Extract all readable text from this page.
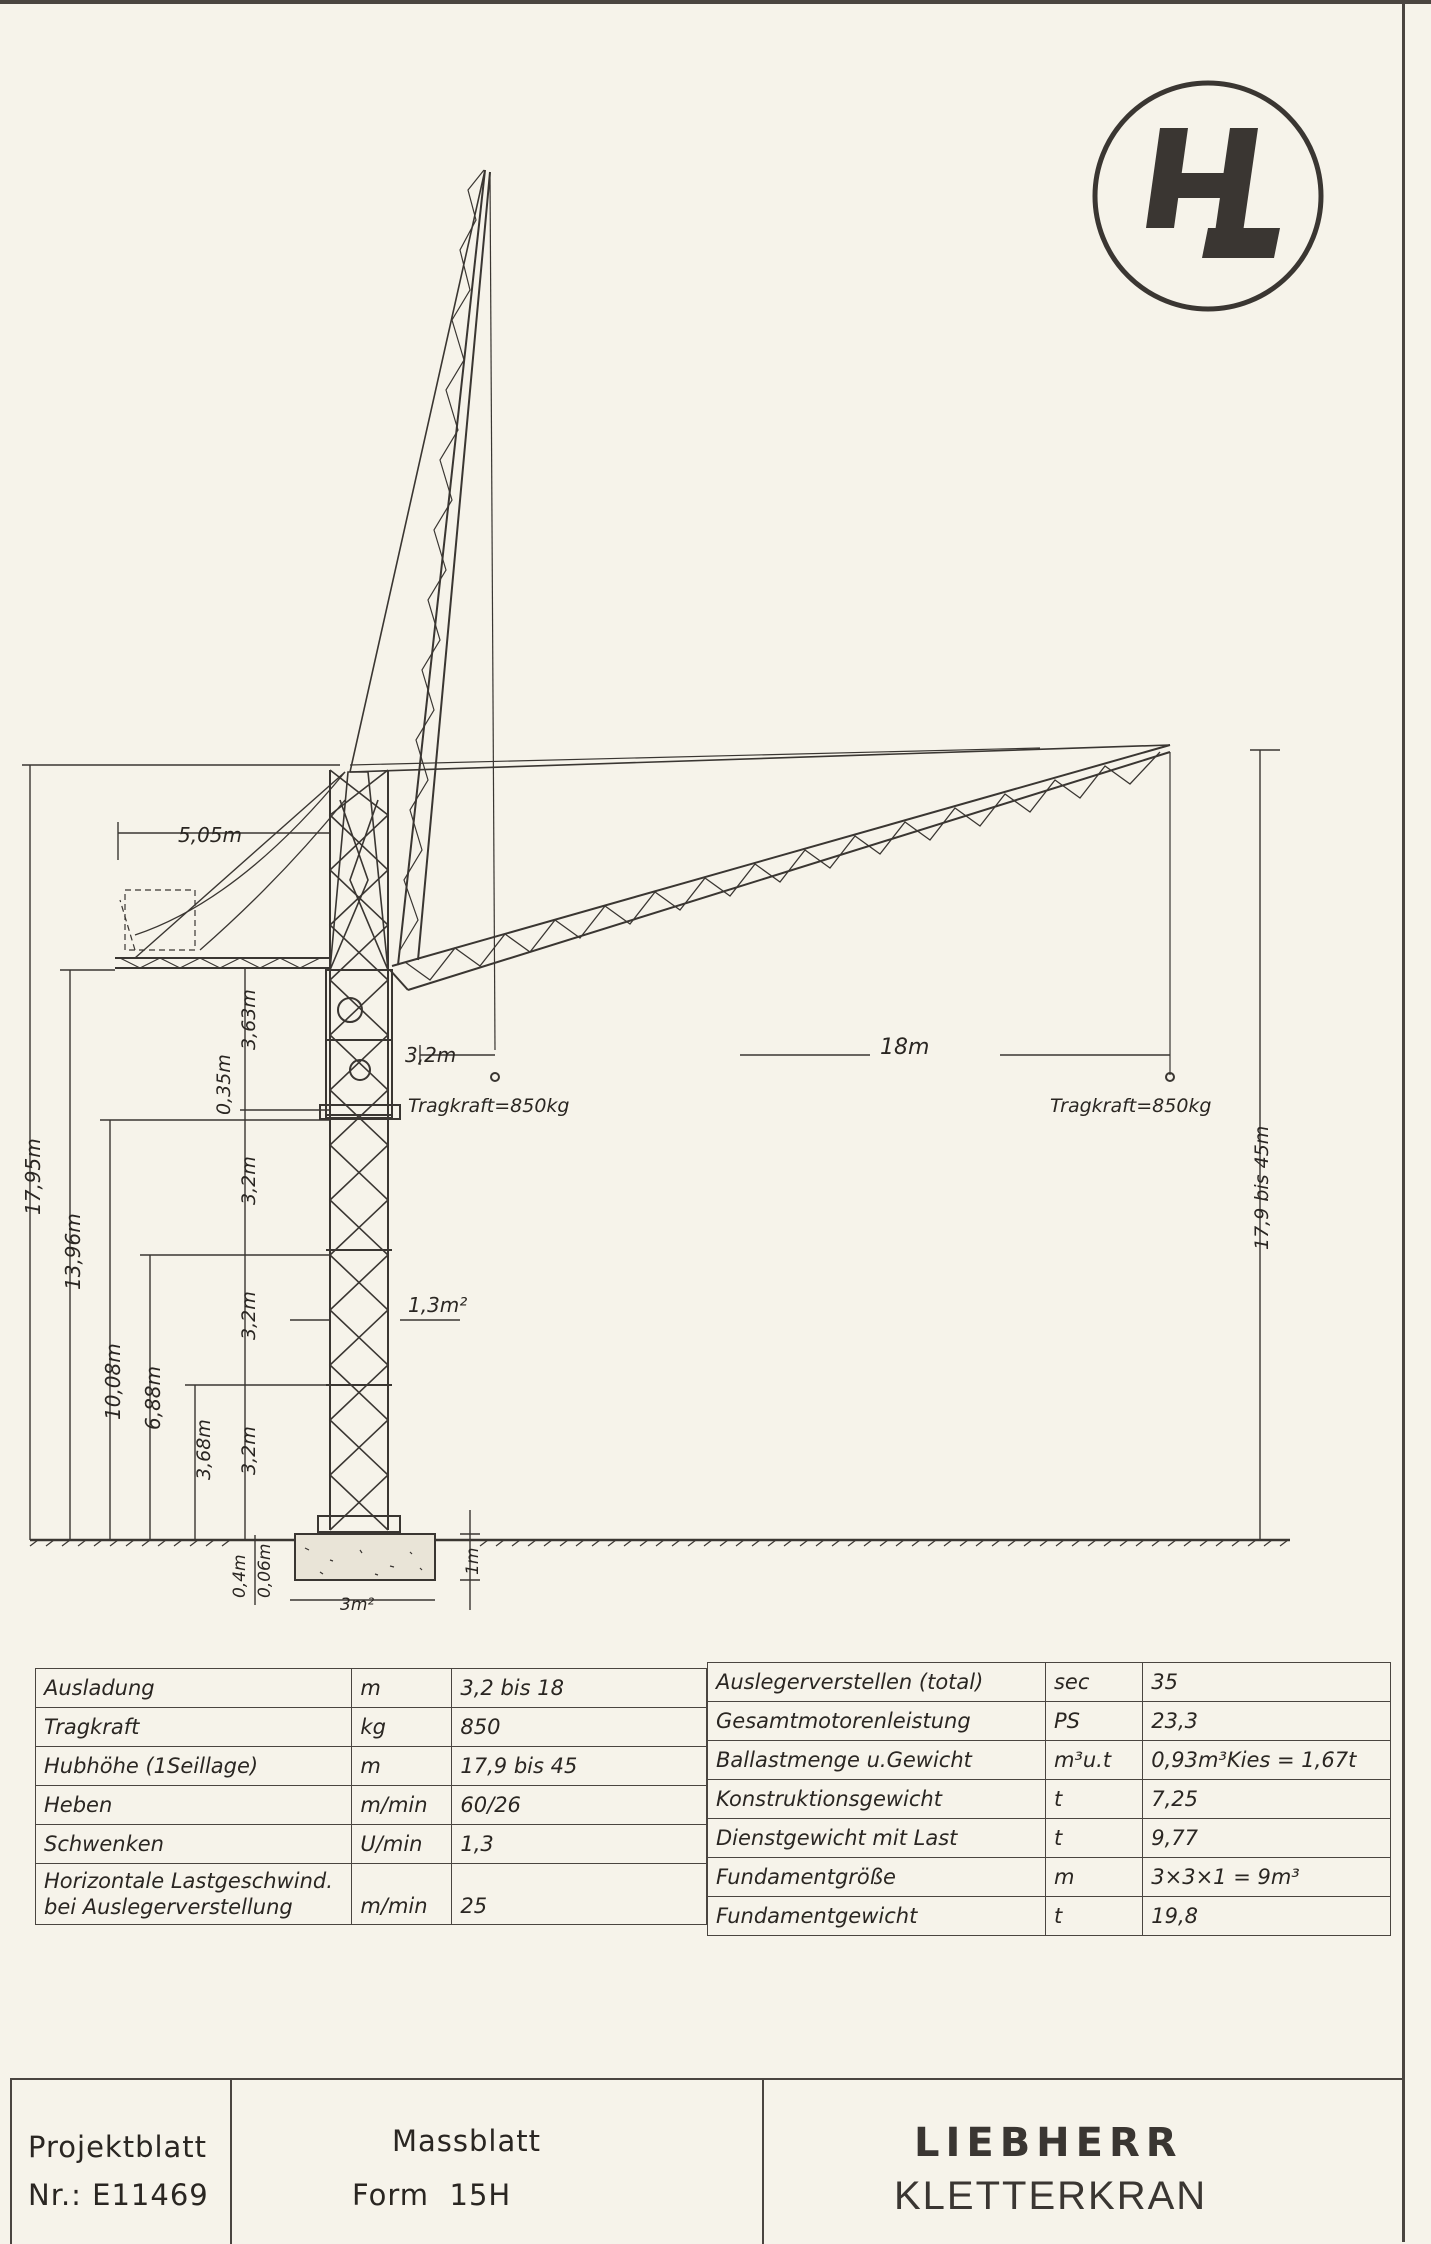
5,05m
3,2m	18m
Tragkraft=850kg	Tragkraft=850kg
17,9 bis 45m
17,95m
13,96m
10,08m 6,88m
3,68m
3,63m
0,35m
3,2m
3,2m
3,2m
1,3m²
0,4m 0,06m	1m
3m²
Ausladung	m	3,2 bis 18
Tragkraft	kg	850
Hubhöhe (1Seillage)	m	17,9 bis 45
Heben	m/min	60/26
Schwenken	U/min	1,3

Horizontale Lastgeschwind.
bei Auslegerverstellung	m/min	25
Auslegerverstellen (total)	sec	35
Gesamtmotorenleistung	PS	23,3
Ballastmenge u.Gewicht	m³u.t	0,93m³Kies = 1,67t
Konstruktionsgewicht	t	7,25
Dienstgewicht mit Last	t	9,77
Fundamentgröße	m	3×3×1 = 9m³
Fundamentgewicht	t	19,8
Projektblatt
Nr.: E11469
Massblatt
Form  15H
LIEBHERR
KLETTERKRAN
